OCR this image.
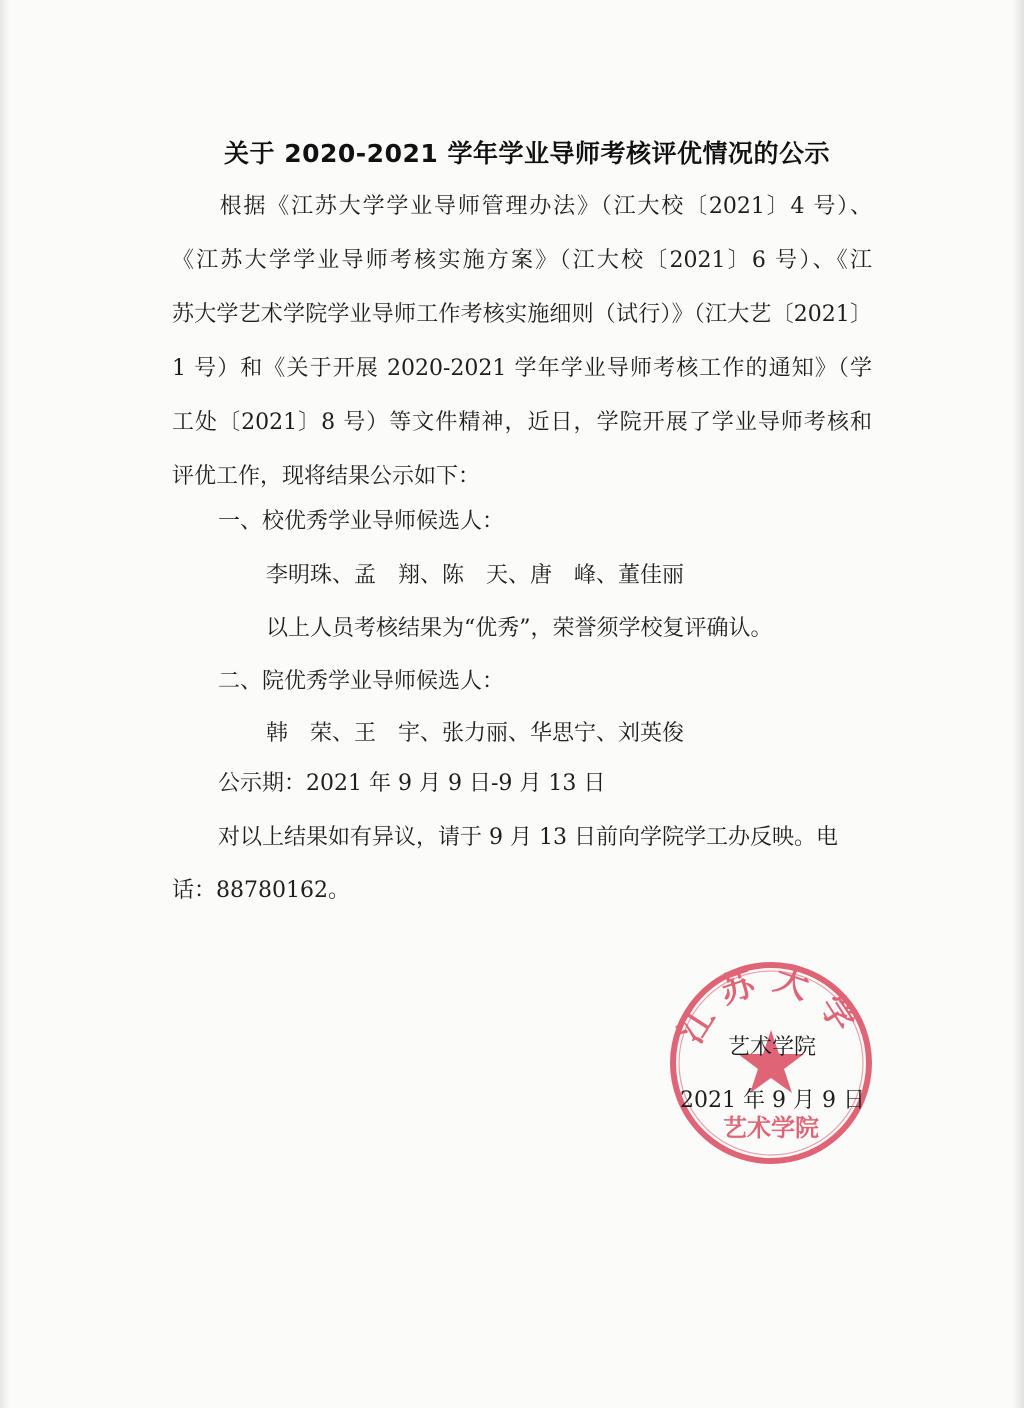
关于 2020-2021 学年学业导师考核评优情况的公示
　　根据《江苏大学学业导师管理办法》（江大校〔2021〕4 号）、
《江苏大学学业导师考核实施方案》（江大校〔2021〕6 号）、《江
苏大学艺术学院学业导师工作考核实施细则（试行）》（江大艺〔2021〕
1 号）和《关于开展 2020-2021 学年学业导师考核工作的通知》（学
工处〔2021〕8 号）等文件精神，近日，学院开展了学业导师考核和
评优工作，现将结果公示如下：
一、校优秀学业导师候选人：
李明珠、孟　翔、陈　天、唐　峰、董佳丽
以上人员考核结果为“优秀”，荣誉须学校复评确认。
二、院优秀学业导师候选人：
韩　荣、王　宇、张力丽、华思宁、刘英俊
公示期：2021 年 9 月 9 日-9 月 13 日
对以上结果如有异议，请于 9 月 13 日前向学院学工办反映。电
话：88780162。
江苏大学
艺术学院
艺术学院
2021 年 9 月 9 日
